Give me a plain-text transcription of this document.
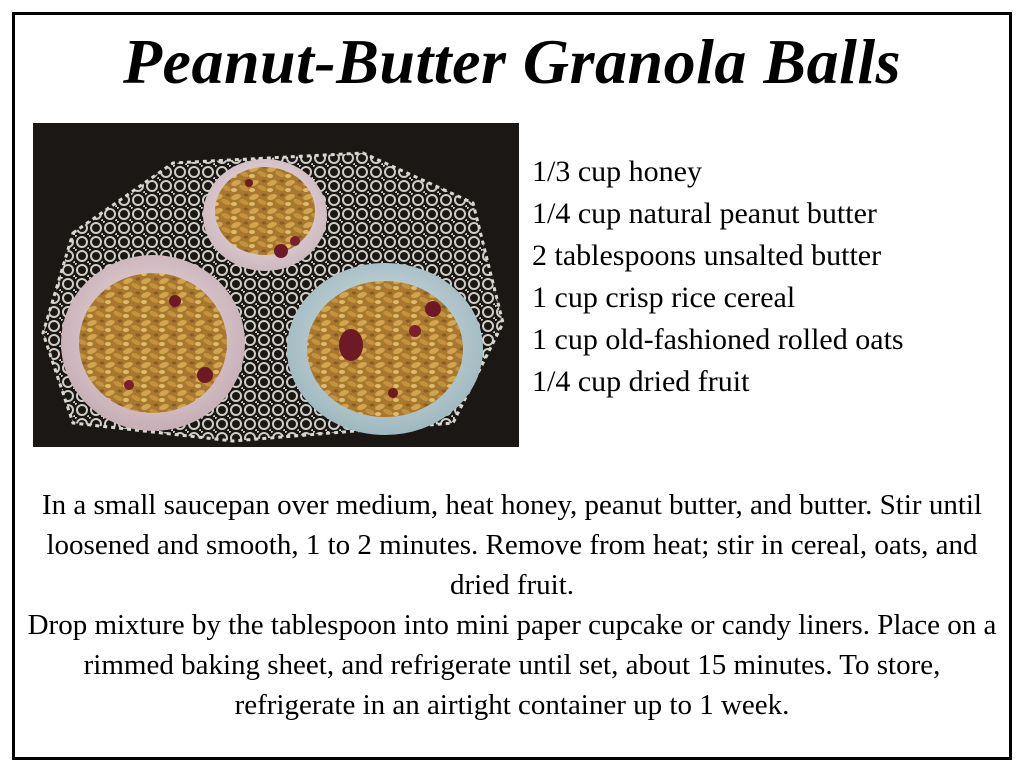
Peanut-Butter Granola Balls
1/3 cup honey
1/4 cup natural peanut butter
2 tablespoons unsalted butter
1 cup crisp rice cereal
1 cup old-fashioned rolled oats
1/4 cup dried fruit

In a small saucepan over medium, heat honey, peanut butter, and butter. Stir until loosened and smooth, 1 to 2 minutes. Remove from heat; stir in cereal, oats, and dried fruit.

Drop mixture by the tablespoon into mini paper cupcake or candy liners. Place on a rimmed baking sheet, and refrigerate until set, about 15 minutes. To store, refrigerate in an airtight container up to 1 week.
